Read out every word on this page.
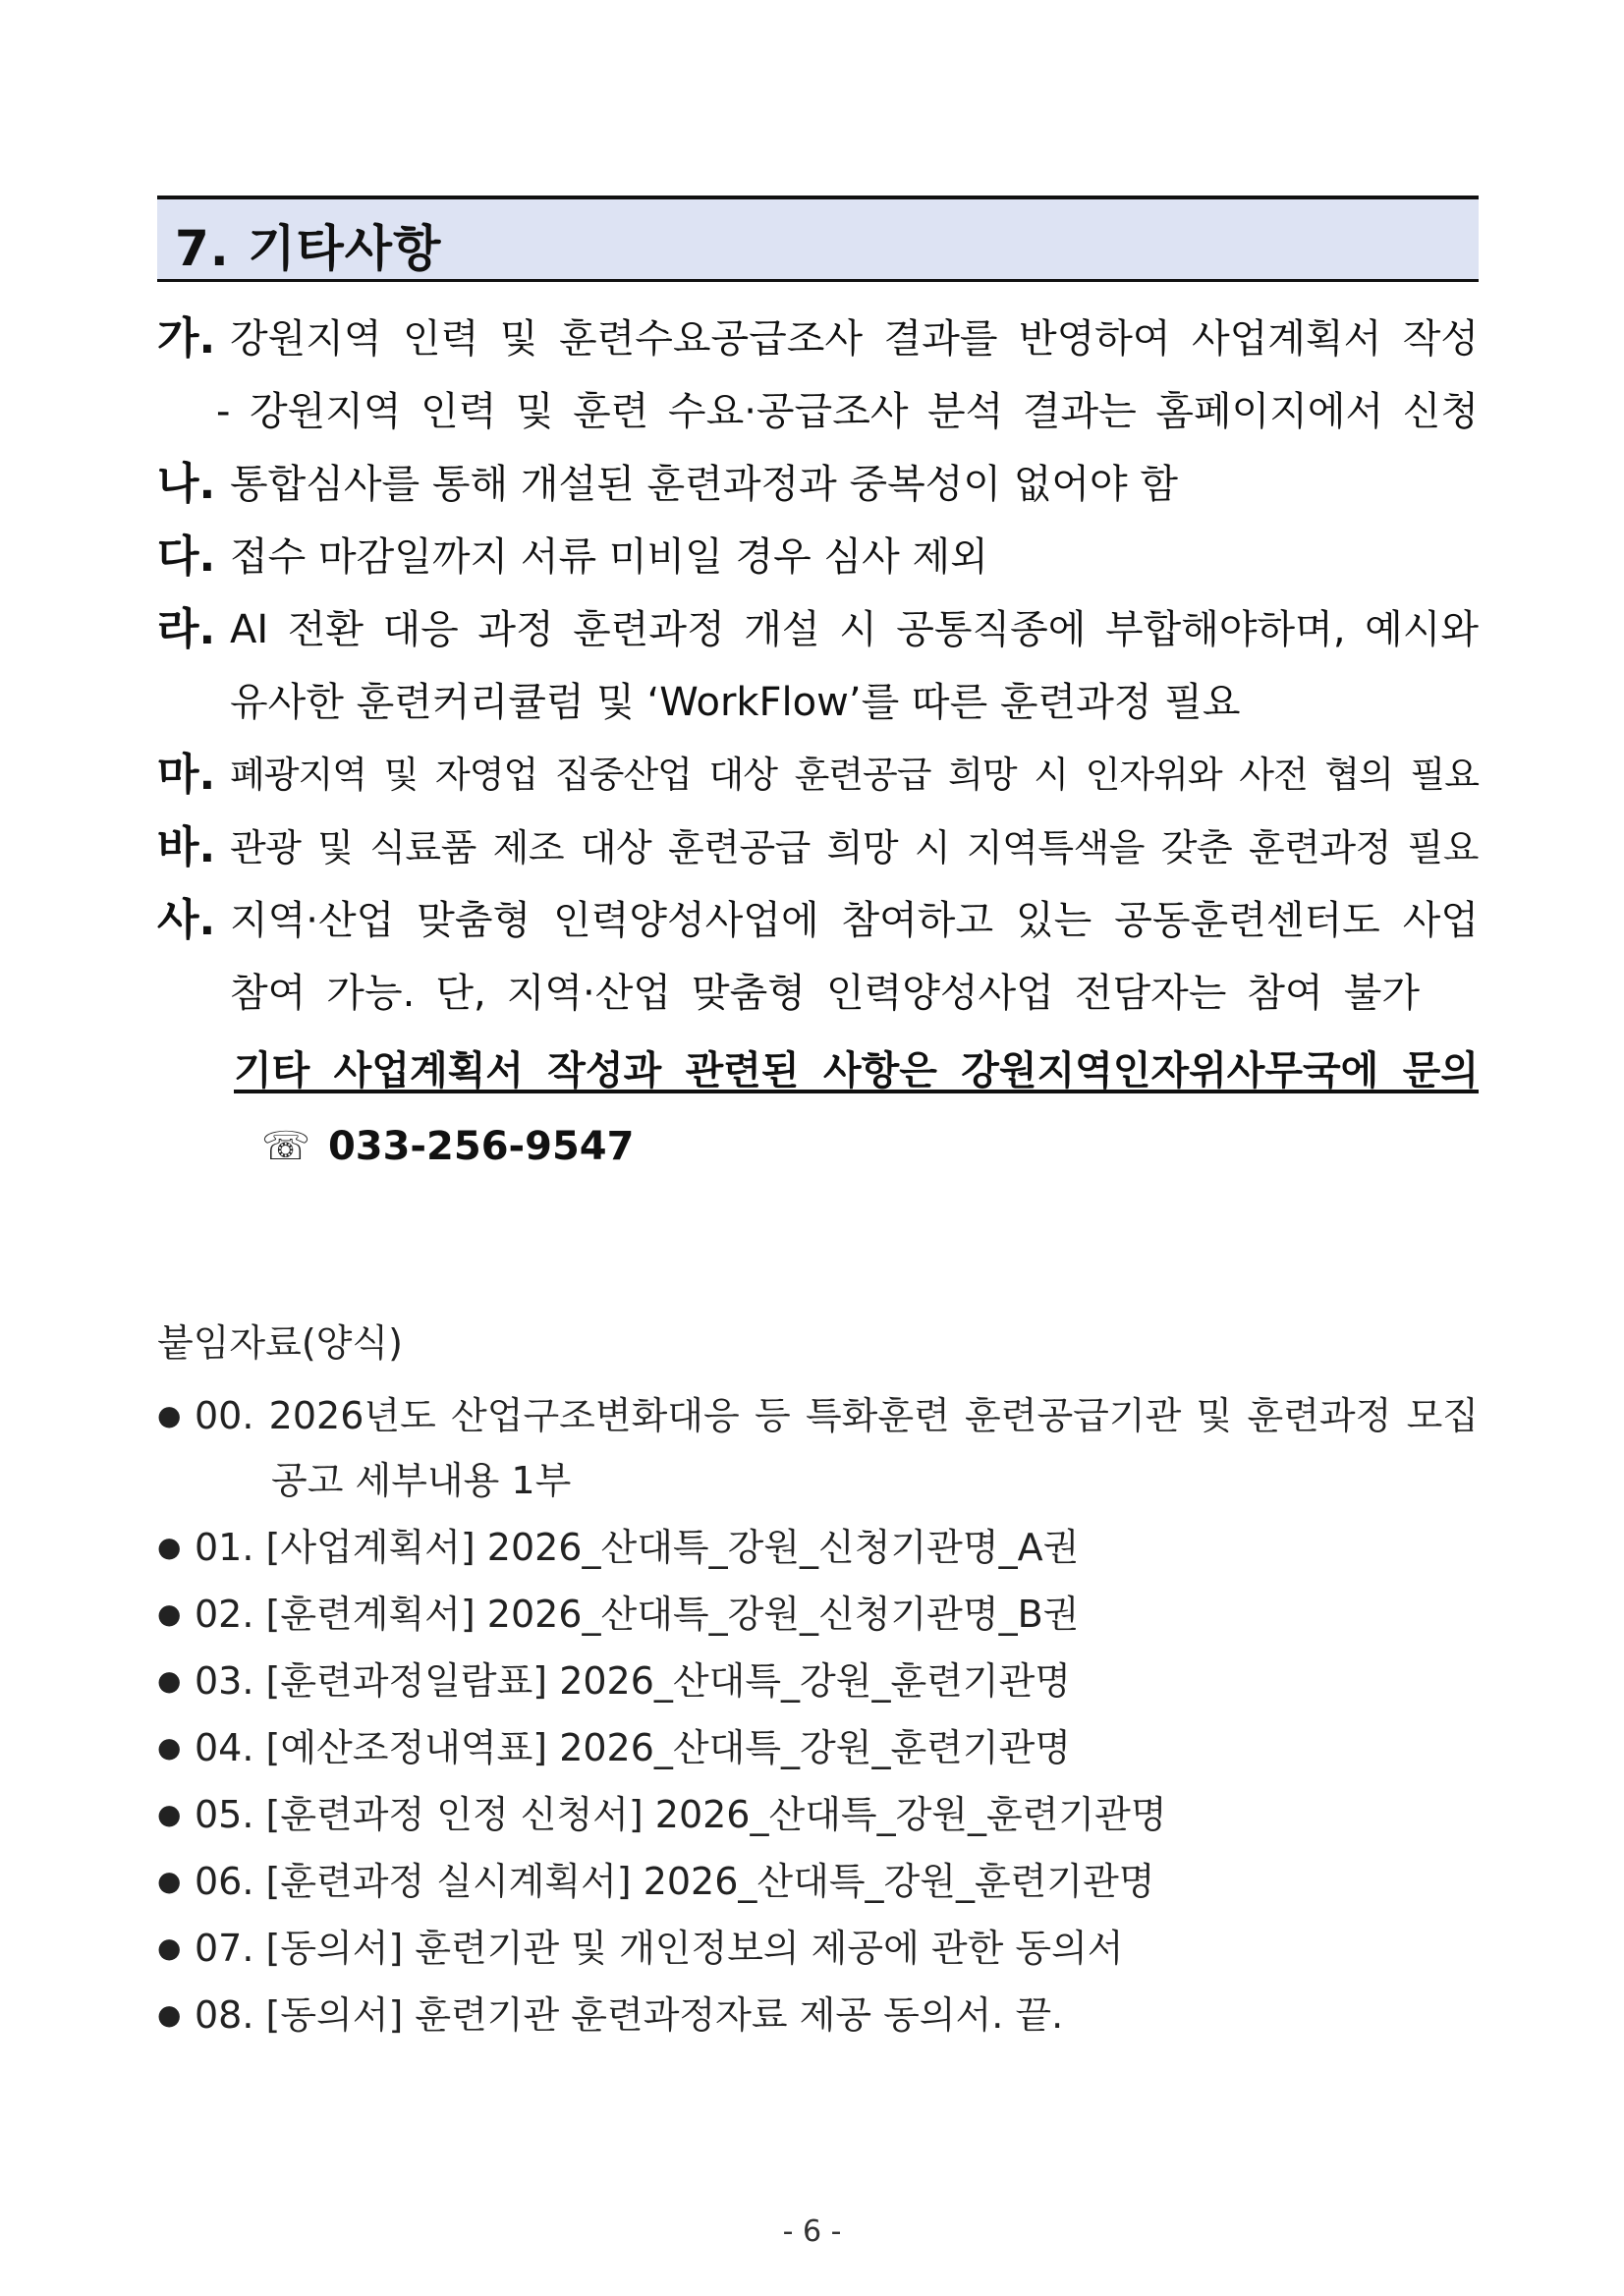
7. 기타사항
가. 강원지역 인력 및 훈련수요공급조사 결과를 반영하여 사업계획서 작성
- 강원지역 인력 및 훈련 수요·공급조사 분석 결과는 홈페이지에서 신청
나. 통합심사를 통해 개설된 훈련과정과 중복성이 없어야 함
다. 접수 마감일까지 서류 미비일 경우 심사 제외
라. AI 전환 대응 과정 훈련과정 개설 시 공통직종에 부합해야하며, 예시와
유사한 훈련커리큘럼 및 ‘WorkFlow’를 따른 훈련과정 필요
마. 폐광지역 및 자영업 집중산업 대상 훈련공급 희망 시 인자위와 사전 협의 필요
바. 관광 및 식료품 제조 대상 훈련공급 희망 시 지역특색을 갖춘 훈련과정 필요
사. 지역·산업 맞춤형 인력양성사업에 참여하고 있는 공동훈련센터도 사업
참여 가능. 단, 지역·산업 맞춤형 인력양성사업 전담자는 참여 불가
기타 사업계획서 작성과 관련된 사항은 강원지역인자위사무국에 문의
☏ 033-256-9547
붙임자료(양식)
● 00. 2026년도 산업구조변화대응 등 특화훈련 훈련공급기관 및 훈련과정 모집
공고 세부내용 1부
● 01. [사업계획서] 2026_산대특_강원_신청기관명_A권
● 02. [훈련계획서] 2026_산대특_강원_신청기관명_B권
● 03. [훈련과정일람표] 2026_산대특_강원_훈련기관명
● 04. [예산조정내역표] 2026_산대특_강원_훈련기관명
● 05. [훈련과정 인정 신청서] 2026_산대특_강원_훈련기관명
● 06. [훈련과정 실시계획서] 2026_산대특_강원_훈련기관명
● 07. [동의서] 훈련기관 및 개인정보의 제공에 관한 동의서
● 08. [동의서] 훈련기관 훈련과정자료 제공 동의서. 끝.
- 6 -
